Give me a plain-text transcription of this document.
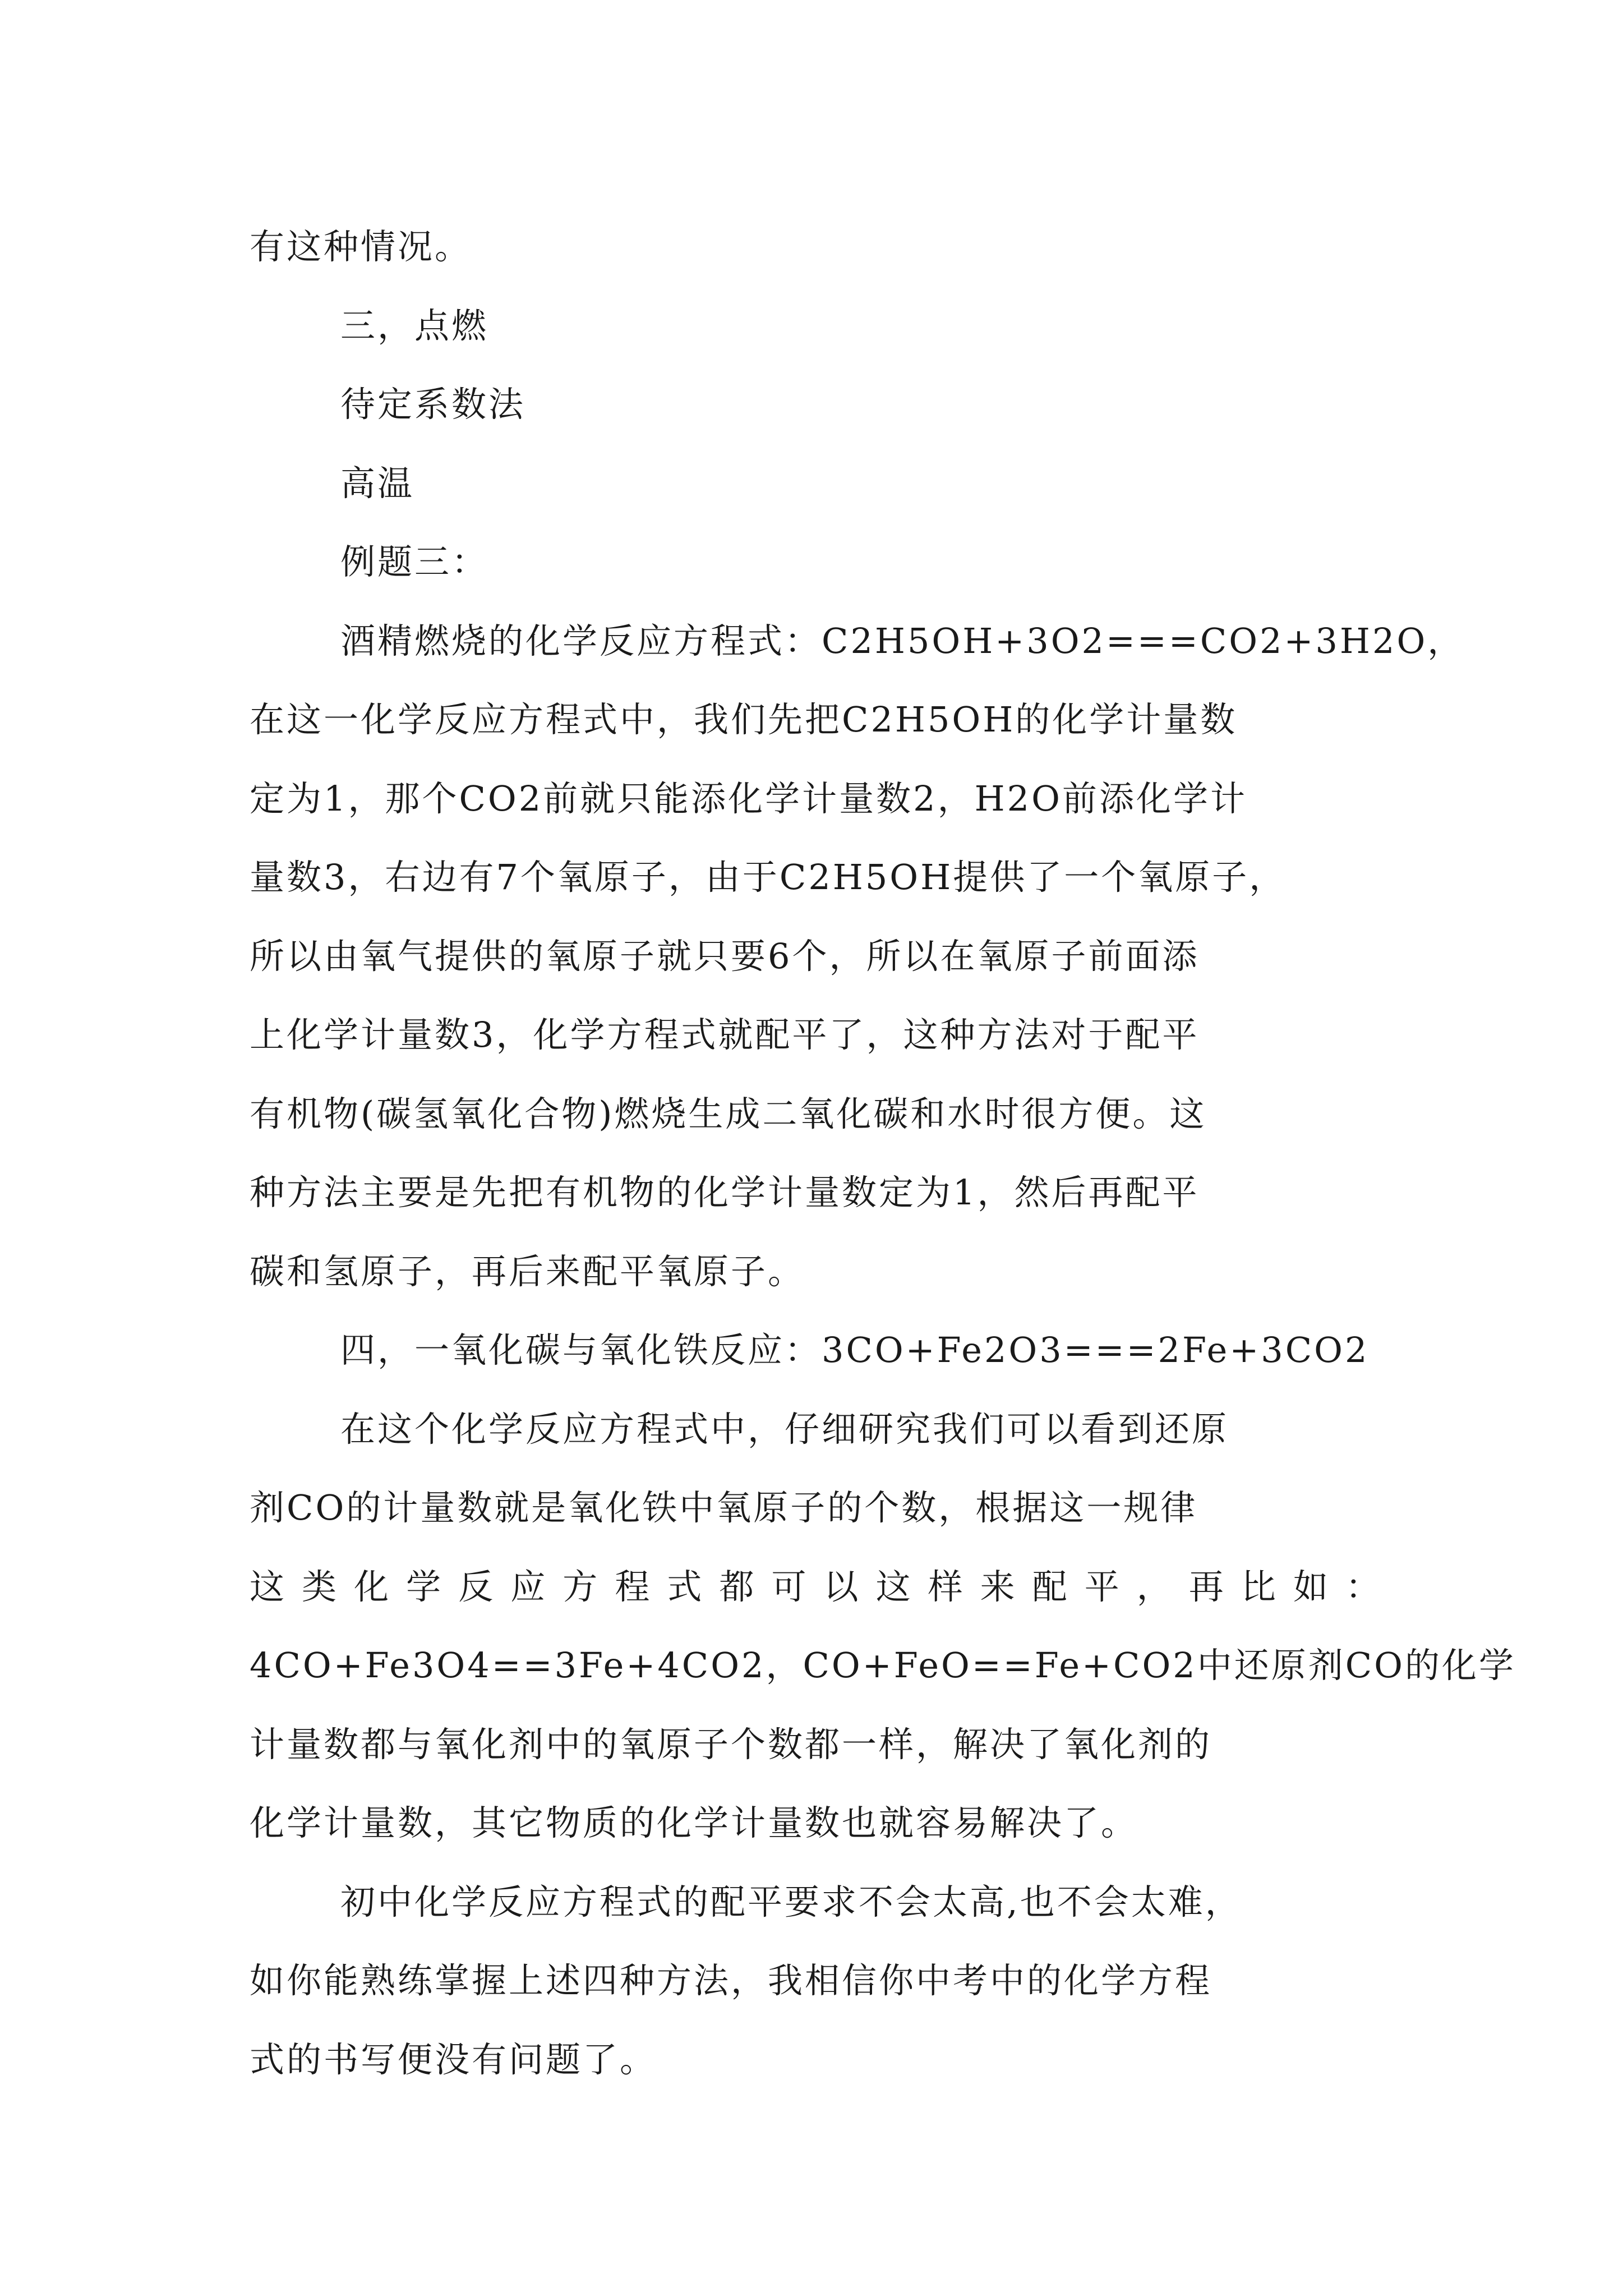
有这种情况。
三，点燃
待定系数法
高温
例题三：
酒精燃烧的化学反应方程式：C2H5OH+3O2===CO2+3H2O，
在这一化学反应方程式中，我们先把C2H5OH的化学计量数
定为1，那个CO2前就只能添化学计量数2，H2O前添化学计
量数3，右边有7个氧原子，由于C2H5OH提供了一个氧原子，
所以由氧气提供的氧原子就只要6个，所以在氧原子前面添
上化学计量数3，化学方程式就配平了，这种方法对于配平
有机物(碳氢氧化合物)燃烧生成二氧化碳和水时很方便。这
种方法主要是先把有机物的化学计量数定为1，然后再配平
碳和氢原子，再后来配平氧原子。
四，一氧化碳与氧化铁反应：3CO+Fe2O3===2Fe+3CO2
在这个化学反应方程式中，仔细研究我们可以看到还原
剂CO的计量数就是氧化铁中氧原子的个数，根据这一规律
这类化学反应方程式都可以这样来配平，再比如：
4CO+Fe3O4==3Fe+4CO2，CO+FeO==Fe+CO2中还原剂CO的化学
计量数都与氧化剂中的氧原子个数都一样，解决了氧化剂的
化学计量数，其它物质的化学计量数也就容易解决了。
初中化学反应方程式的配平要求不会太高,也不会太难，
如你能熟练掌握上述四种方法，我相信你中考中的化学方程
式的书写便没有问题了。
